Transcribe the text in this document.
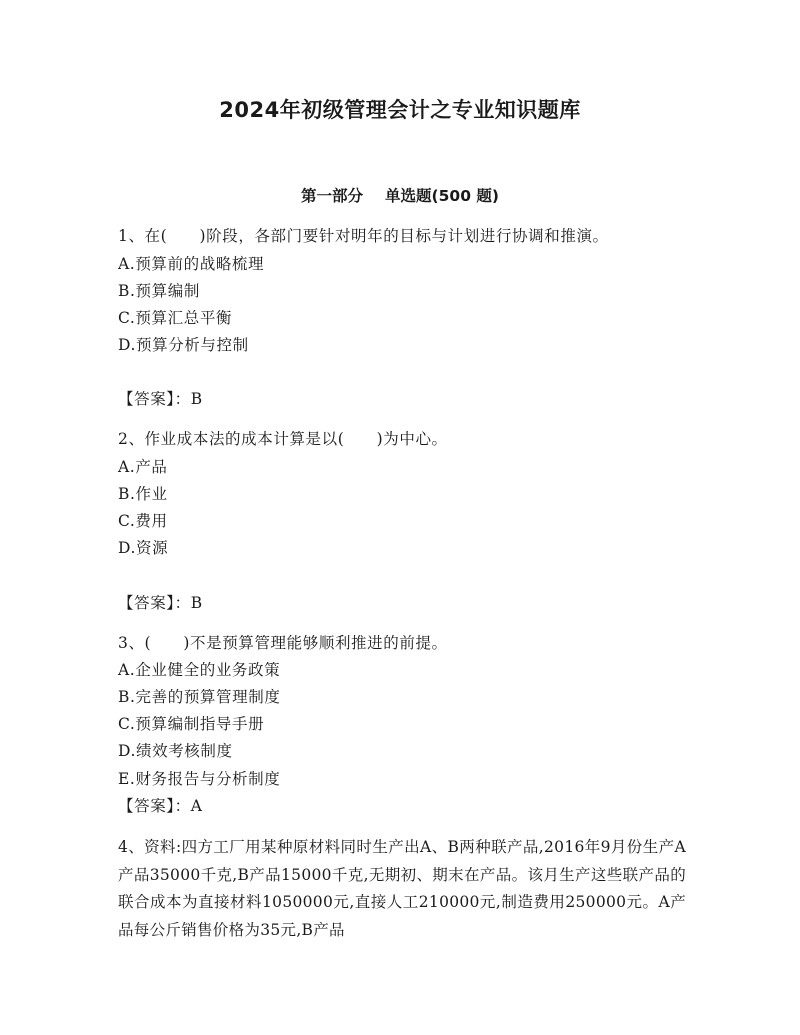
2024年初级管理会计之专业知识题库
第一部分 单选题(500 题)
1、在(　　)阶段，各部门要针对明年的目标与计划进行协调和推演。
A.预算前的战略梳理
B.预算编制
C.预算汇总平衡
D.预算分析与控制
【答案】：B
2、作业成本法的成本计算是以(　　)为中心。
A.产品
B.作业
C.费用
D.资源
【答案】：B
3、(　　)不是预算管理能够顺利推进的前提。
A.企业健全的业务政策
B.完善的预算管理制度
C.预算编制指导手册
D.绩效考核制度
E.财务报告与分析制度
【答案】：A
4、资料:四方工厂用某种原材料同时生产出A、B两种联产品,2016年9月份生产A产品35000千克,B产品15000千克,无期初、期末在产品。该月生产这些联产品的联合成本为直接材料1050000元,直接人工210000元,制造费用250000元。A产品每公斤销售价格为35元,B产品
